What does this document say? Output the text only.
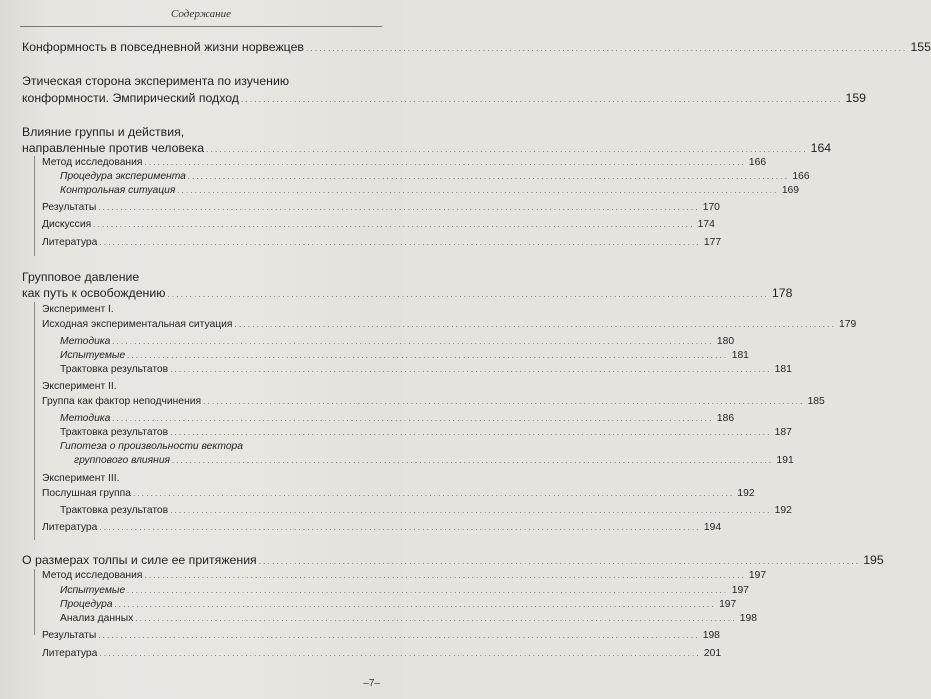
Содержание
Конформность в повседневной жизни норвежцев .....	155
Этическая сторона эксперимента по изучению
конформности. Эмпирический подход .....	159
Влияние группы и действия,
направленные против человека .....	164
Метод исследования .....	166
Процедура эксперимента .....	166
Контрольная ситуация .....	169
Результаты .....	170
Дискуссия .....	174
Литература .....	177
Групповое давление
как путь к освобождению .....	178
Эксперимент I.
Исходная экспериментальная ситуация .....	179
Методика .....	180
Испытуемые .....	181
Трактовка результатов .....	181
Эксперимент II.
Группа как фактор неподчинения .....	185
Методика .....	186
Трактовка результатов .....	187
Гипотеза о произвольности вектора
группового влияния .....	191
Эксперимент III.
Послушная группа .....	192
Трактовка результатов .....	192
Литература .....	194
О размерах толпы и силе ее притяжения .....	195
Метод исследования .....	197
Испытуемые .....	197
Процедура .....	197
Анализ данных .....	198
Результаты .....	198
Литература .....	201
–7–
